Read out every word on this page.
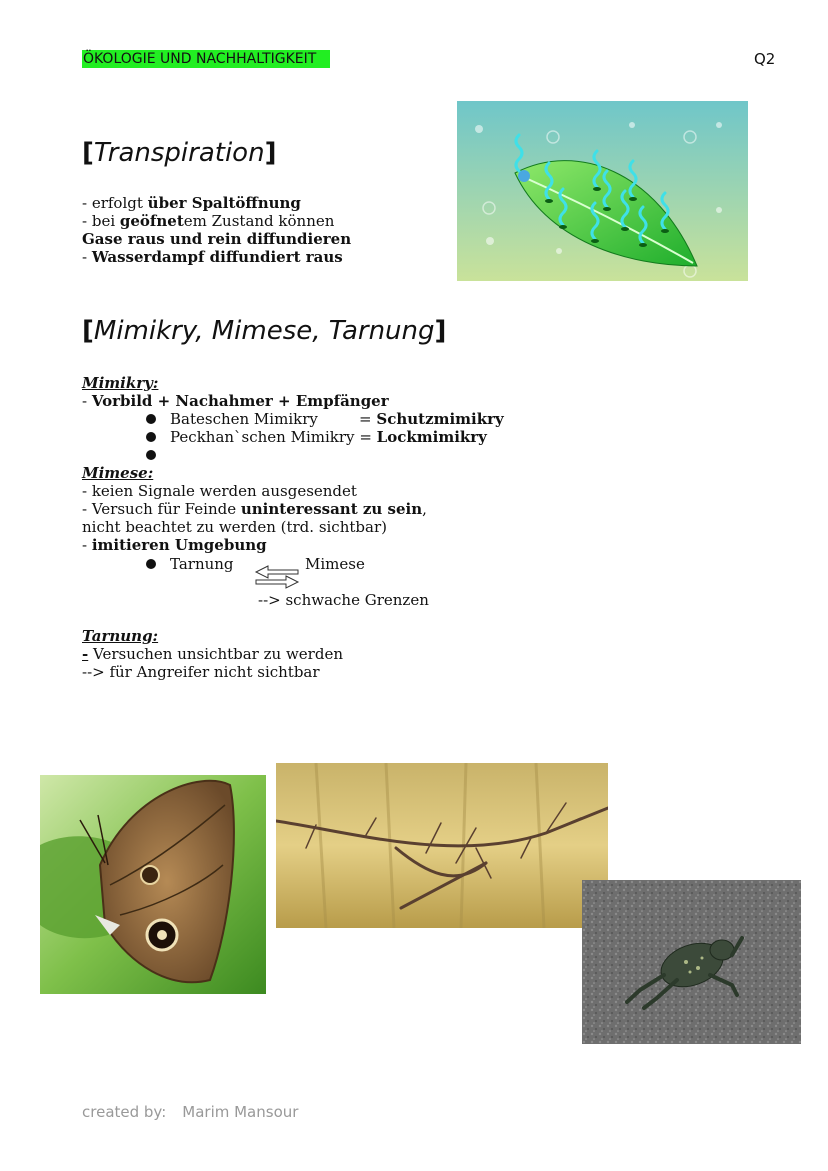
ÖKOLOGIE UND NACHHALTIGKEIT	Q2
[Transpiration]
- erfolgt über Spaltöffnung
- bei geöfnetem Zustand können
Gase raus und rein diffundieren
- Wasserdampf diffundiert raus
[Mimikry, Mimese, Tarnung]
Mimikry:
- Vorbild + Nachahmer + Empfänger
Bateschen Mimikry	= Schutzmimikry
Peckhan`schen Mimikry = Lockmimikry
Mimese:
- keien Signale werden ausgesendet
- Versuch für Feinde uninteressant zu sein,
nicht beachtet zu werden (trd. sichtbar)
- imitieren Umgebung
Tarnung	Mimese
--> schwache Grenzen
Tarnung:
- Versuchen unsichtbar zu werden
--> für Angreifer nicht sichtbar
created by: Marim Mansour
